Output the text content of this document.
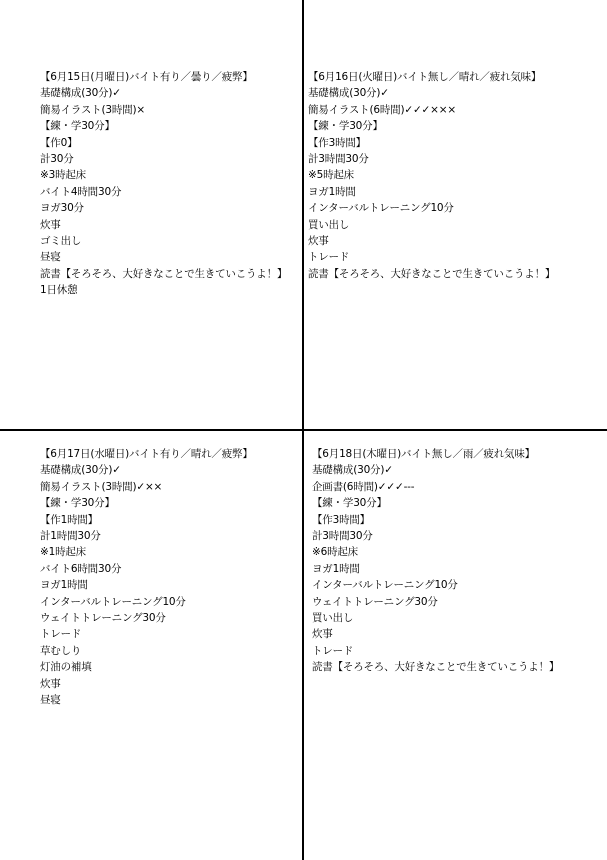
【6月15日(月曜日)バイト有り／曇り／疲弊】
基礎構成(30分)✓
簡易イラスト(3時間)×
【練・学30分】
【作0】
計30分
※3時起床
バイト4時間30分
ヨガ30分
炊事
ゴミ出し
昼寝
読書【そろそろ、大好きなことで生きていこうよ！】
1日休憩
【6月16日(火曜日)バイト無し／晴れ／疲れ気味】
基礎構成(30分)✓
簡易イラスト(6時間)✓✓✓×××
【練・学30分】
【作3時間】
計3時間30分
※5時起床
ヨガ1時間
インターバルトレーニング10分
買い出し
炊事
トレード
読書【そろそろ、大好きなことで生きていこうよ！】
【6月17日(水曜日)バイト有り／晴れ／疲弊】
基礎構成(30分)✓
簡易イラスト(3時間)✓××
【練・学30分】
【作1時間】
計1時間30分
※1時起床
バイト6時間30分
ヨガ1時間
インターバルトレーニング10分
ウェイトトレーニング30分
トレード
草むしり
灯油の補填
炊事
昼寝
【6月18日(木曜日)バイト無し／雨／疲れ気味】
基礎構成(30分)✓
企画書(6時間)✓✓✓---
【練・学30分】
【作3時間】
計3時間30分
※6時起床
ヨガ1時間
インターバルトレーニング10分
ウェイトトレーニング30分
買い出し
炊事
トレード
読書【そろそろ、大好きなことで生きていこうよ！】
